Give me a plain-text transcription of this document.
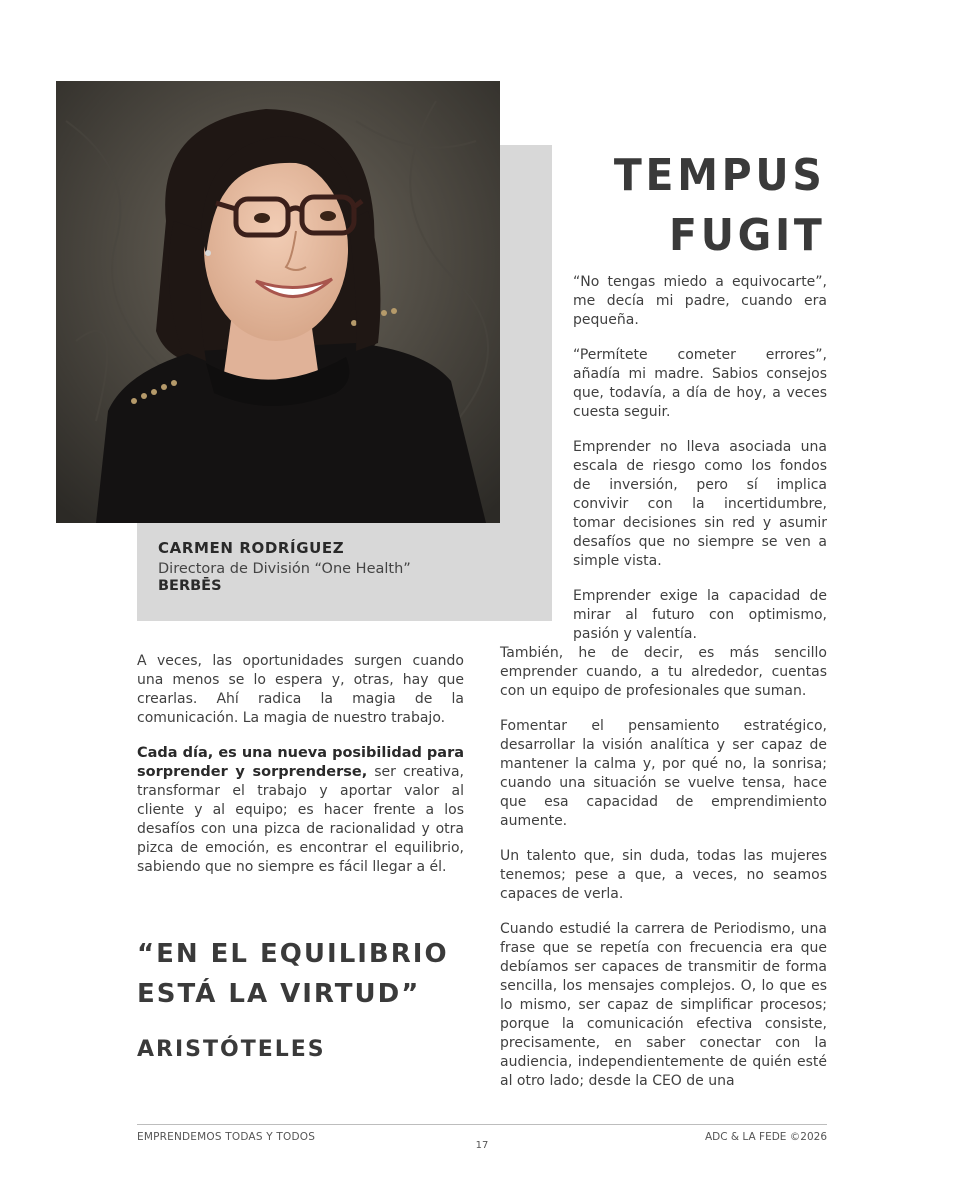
CARMEN RODRÍGUEZ

Directora de División “One Health”

BERBĒS

TEMPUS
FUGIT

“No tengas miedo a equivocarte”, me decía mi padre, cuando era pequeña.

“Permítete cometer errores”, añadía mi madre. Sabios consejos que, todavía, a día de hoy, a veces cuesta seguir.

Emprender no lleva asociada una escala de riesgo como los fondos de inversión, pero sí implica convivir con la incertidumbre, tomar decisiones sin red y asumir desafíos que no siempre se ven a simple vista.

Emprender exige la capacidad de mirar al futuro con optimismo, pasión y valentía.

También, he de decir, es más sencillo emprender cuando, a tu alrededor, cuentas con un equipo de profesionales que suman.

Fomentar el pensamiento estratégico, desarrollar la visión analítica y ser capaz de mantener la calma y, por qué no, la sonrisa; cuando una situación se vuelve tensa, hace que esa capacidad de emprendimiento aumente.

Un talento que, sin duda, todas las mujeres tenemos; pese a que, a veces, no seamos capaces de verla.

Cuando estudié la carrera de Periodismo, una frase que se repetía con frecuencia era que debíamos ser capaces de transmitir de forma sencilla, los mensajes complejos. O, lo que es lo mismo, ser capaz de simplificar procesos; porque la comunicación efectiva consiste, precisamente, en saber conectar con la audiencia, independientemente de quién esté al otro lado; desde la CEO de una

A veces, las oportunidades surgen cuando una menos se lo espera y, otras, hay que crearlas. Ahí radica la magia de la comunicación. La magia de nuestro trabajo.

Cada día, es una nueva posibilidad para sorprender y sorprenderse, ser creativa, transformar el trabajo y aportar valor al cliente y al equipo; es hacer frente a los desafíos con una pizca de racionalidad y otra pizca de emoción, es encontrar el equilibrio, sabiendo que no siempre es fácil llegar a él.

“EN EL EQUILIBRIO
ESTÁ LA VIRTUD”
ARISTÓTELES
EMPRENDEMOS TODAS Y TODOS
17
ADC & LA FEDE ©2026
